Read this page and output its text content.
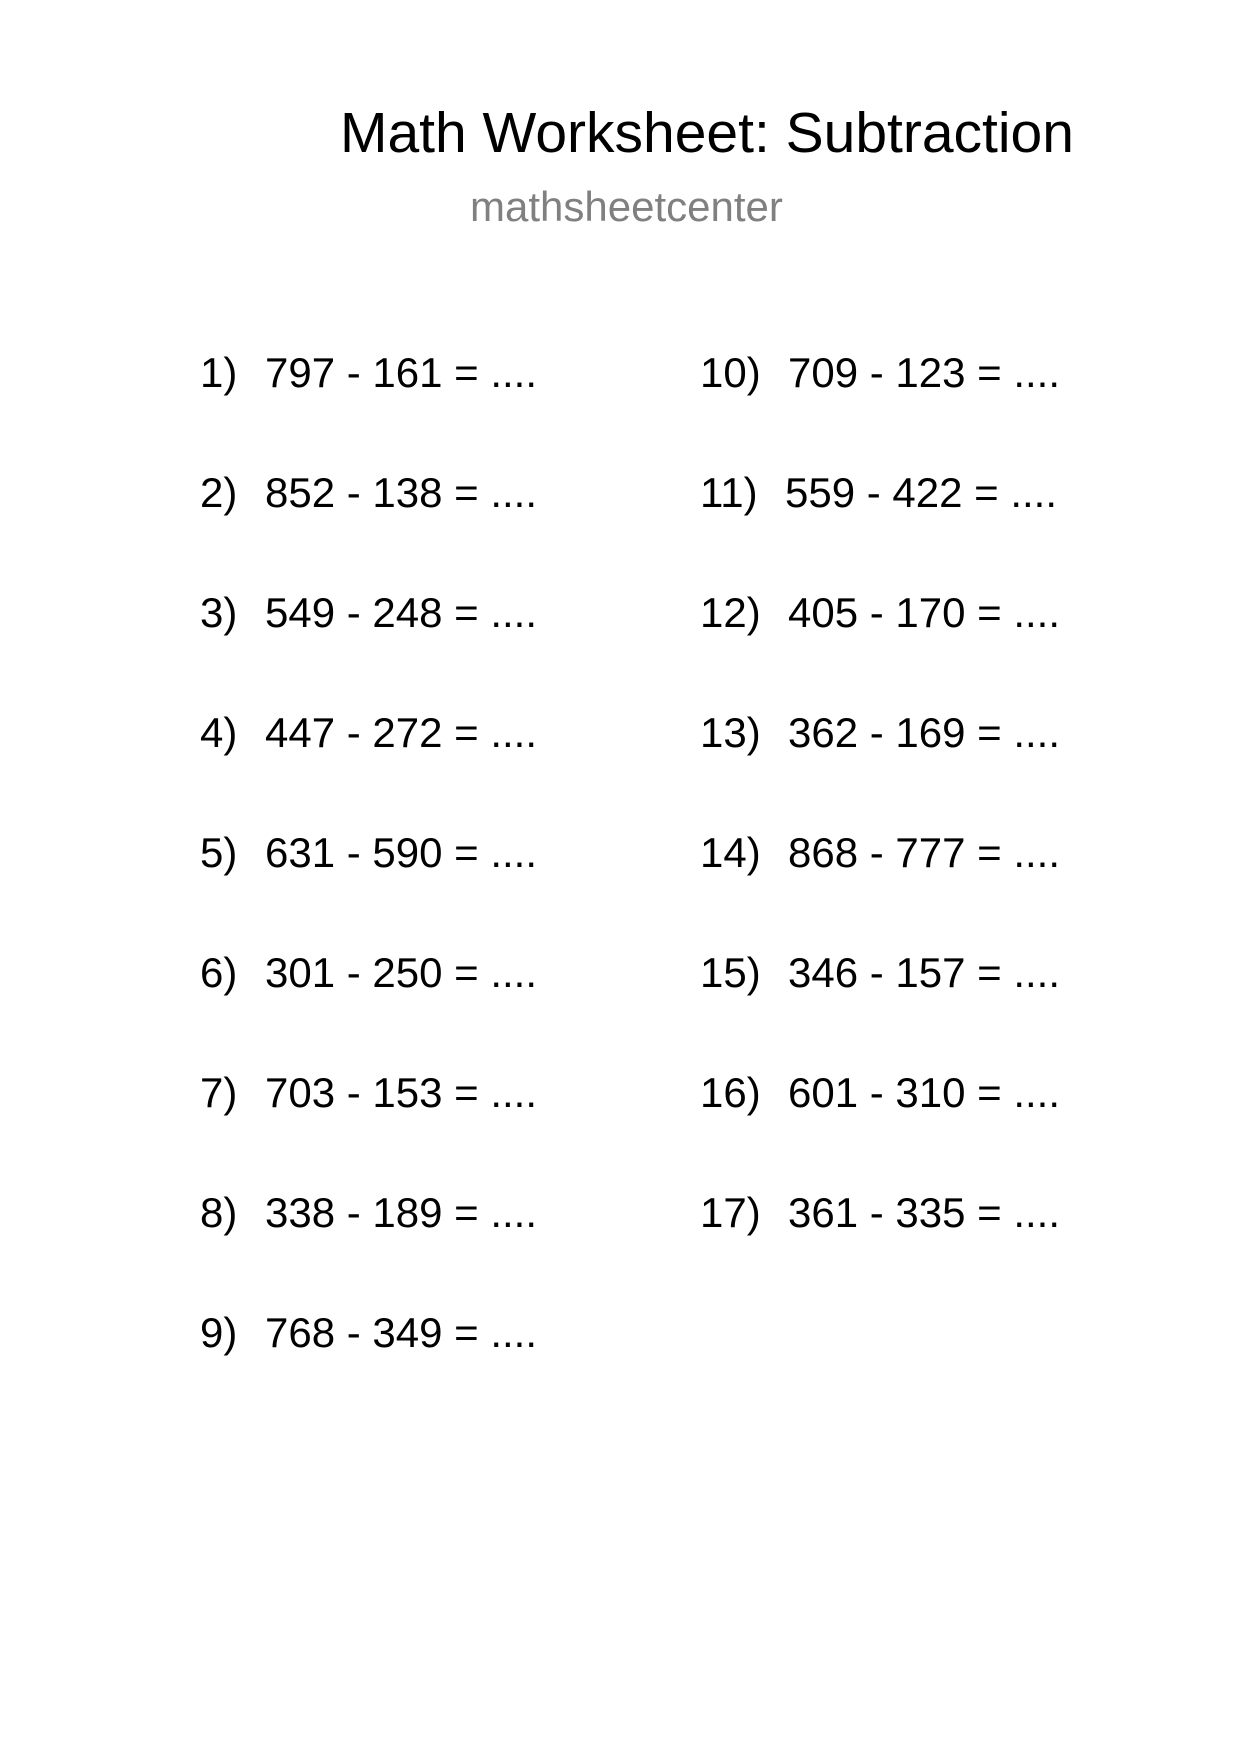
Math Worksheet: Subtraction
mathsheetcenter
1) 797 - 161 = ....
2) 852 - 138 = ....
3) 549 - 248 = ....
4) 447 - 272 = ....
5) 631 - 590 = ....
6) 301 - 250 = ....
7) 703 - 153 = ....
8) 338 - 189 = ....
9) 768 - 349 = ....
10) 709 - 123 = ....
11) 559 - 422 = ....
12) 405 - 170 = ....
13) 362 - 169 = ....
14) 868 - 777 = ....
15) 346 - 157 = ....
16) 601 - 310 = ....
17) 361 - 335 = ....
